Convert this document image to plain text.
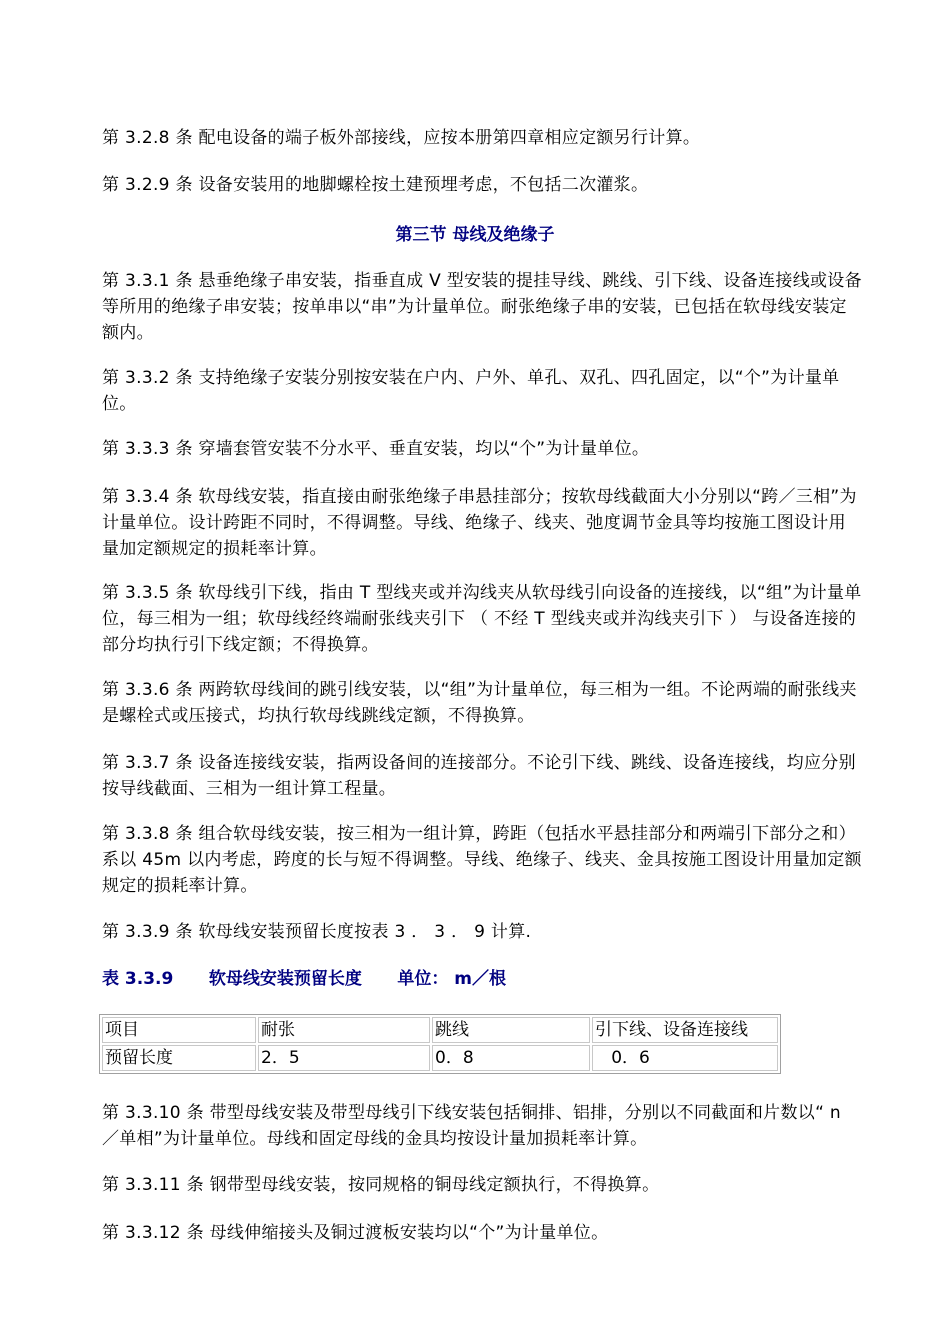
第 3.2.8 条 配电设备的端子板外部接线，应按本册第四章相应定额另行计算。

第 3.2.9 条 设备安装用的地脚螺栓按土建预埋考虑，不包括二次灌浆。

第三节 母线及绝缘子

第 3.3.1 条 悬垂绝缘子串安装，指垂直成 V 型安装的提挂导线、跳线、引下线、设备连接线或设备等所用的绝缘子串安装；按单串以“串”为计量单位。耐张绝缘子串的安装，已包括在软母线安装定额内。

第 3.3.2 条 支持绝缘子安装分别按安装在户内、户外、单孔、双孔、四孔固定，以“个”为计量单位。

第 3.3.3 条 穿墙套管安装不分水平、垂直安装，均以“个”为计量单位。

第 3.3.4 条 软母线安装，指直接由耐张绝缘子串悬挂部分；按软母线截面大小分别以“跨／三相”为计量单位。设计跨距不同时，不得调整。导线、绝缘子、线夹、弛度调节金具等均按施工图设计用量加定额规定的损耗率计算。

第 3.3.5 条 软母线引下线，指由 T 型线夹或并沟线夹从软母线引向设备的连接线，以“组”为计量单位，每三相为一组；软母线经终端耐张线夹引下 （ 不经 T 型线夹或并沟线夹引下 ） 与设备连接的部分均执行引下线定额；不得换算。

第 3.3.6 条 两跨软母线间的跳引线安装，以“组”为计量单位，每三相为一组。不论两端的耐张线夹是螺栓式或压接式，均执行软母线跳线定额，不得换算。

第 3.3.7 条 设备连接线安装，指两设备间的连接部分。不论引下线、跳线、设备连接线，均应分别按导线截面、三相为一组计算工程量。

第 3.3.8 条 组合软母线安装，按三相为一组计算，跨距（包括水平悬挂部分和两端引下部分之和）系以 45m 以内考虑，跨度的长与短不得调整。导线、绝缘子、线夹、金具按施工图设计用量加定额规定的损耗率计算。

第 3.3.9 条 软母线安装预留长度按表 3 ． 3 ． 9 计算.

表 3.3.9      软母线安装预留长度      单位： m／根
项目	耐张	跳线	引下线、设备连接线
预留长度	2．5	0．8	0．6

第 3.3.10 条 带型母线安装及带型母线引下线安装包括铜排、铝排，分别以不同截面和片数以“ n ／单相”为计量单位。母线和固定母线的金具均按设计量加损耗率计算。

第 3.3.11 条 钢带型母线安装，按同规格的铜母线定额执行，不得换算。

第 3.3.12 条 母线伸缩接头及铜过渡板安装均以“个”为计量单位。
